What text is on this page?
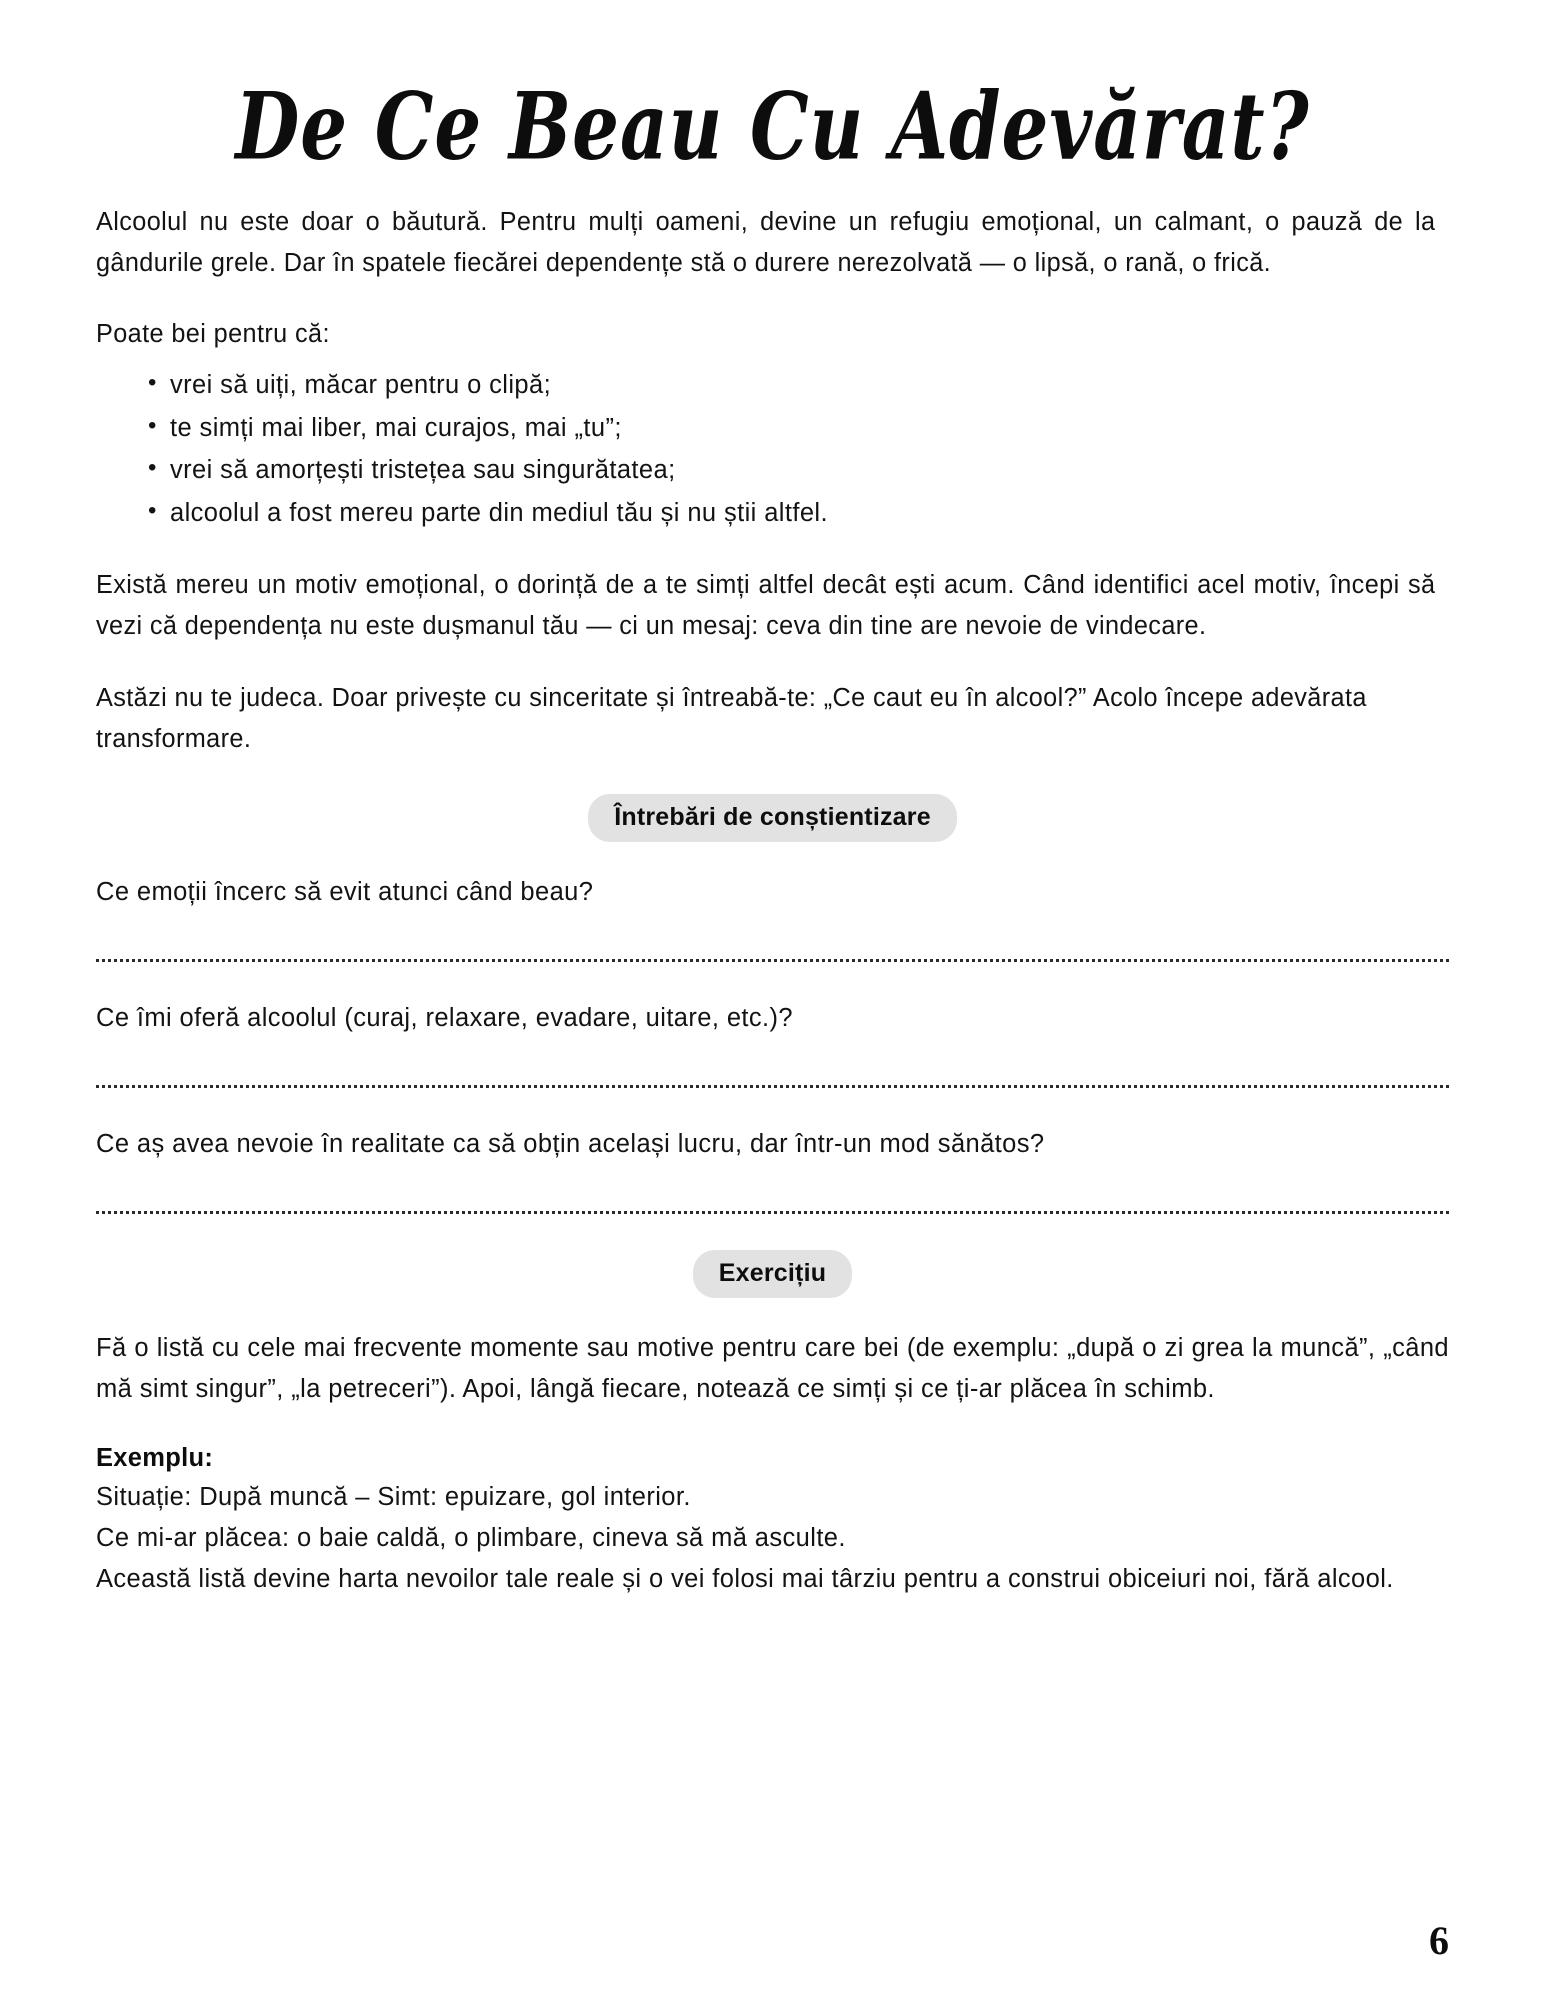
De Ce Beau Cu Adevărat?

Alcoolul nu este doar o băutură. Pentru mulți oameni, devine un refugiu emoțional, un calmant, o pauză de la gândurile grele. Dar în spatele fiecărei dependențe stă o durere nerezolvată — o lipsă, o rană, o frică.

Poate bei pentru că:

• vrei să uiți, măcar pentru o clipă;
• te simți mai liber, mai curajos, mai „tu”;
• vrei să amorțești tristețea sau singurătatea;
• alcoolul a fost mereu parte din mediul tău și nu știi altfel.

Există mereu un motiv emoțional, o dorință de a te simți altfel decât ești acum. Când identifici acel motiv, începi să vezi că dependența nu este dușmanul tău — ci un mesaj: ceva din tine are nevoie de vindecare.

Astăzi nu te judeca. Doar privește cu sinceritate și întreabă-te: „Ce caut eu în alcool?” Acolo începe adevărata transformare.

Întrebări de conștientizare

Ce emoții încerc să evit atunci când beau?

Ce îmi oferă alcoolul (curaj, relaxare, evadare, uitare, etc.)?

Ce aș avea nevoie în realitate ca să obțin același lucru, dar într-un mod sănătos?

Exercițiu

Fă o listă cu cele mai frecvente momente sau motive pentru care bei (de exemplu: „după o zi grea la muncă”, „când mă simt singur”, „la petreceri”). Apoi, lângă fiecare, notează ce simți și ce ți-ar plăcea în schimb.

Exemplu:

Situație: După muncă – Simt: epuizare, gol interior.

Ce mi-ar plăcea: o baie caldă, o plimbare, cineva să mă asculte.

Această listă devine harta nevoilor tale reale și o vei folosi mai târziu pentru a construi obiceiuri noi, fără alcool.

6
